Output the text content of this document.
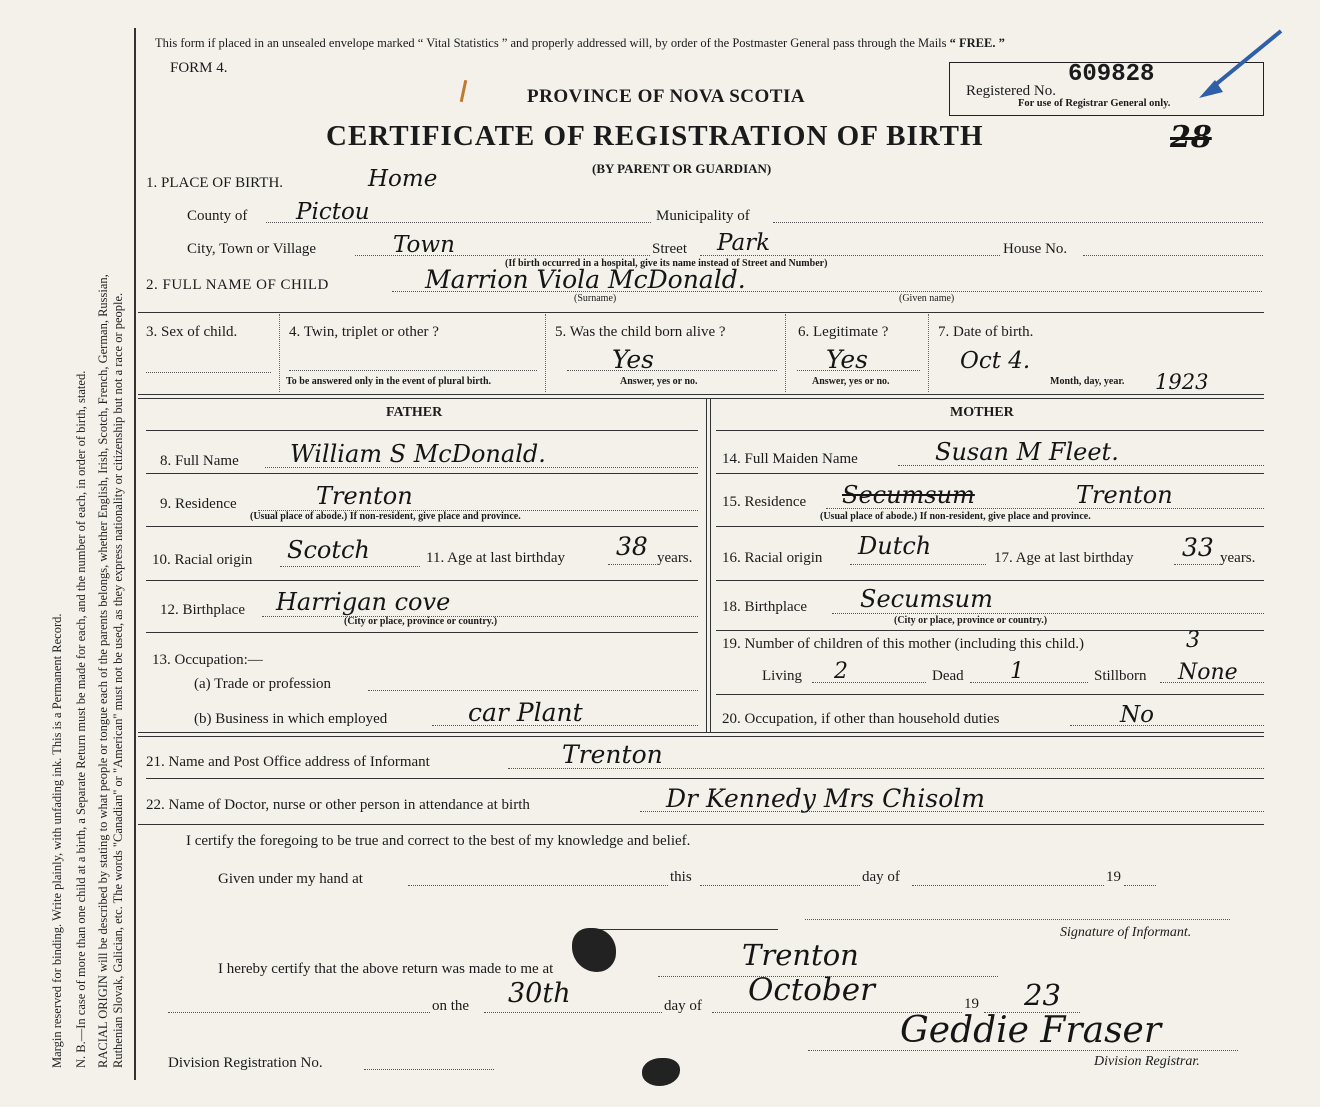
Margin reserved for binding. Write plainly, with unfading ink. This is a Permanent Record. N. B.—In case of more than one child at a birth, a Separate Return must be made for each, and the number of each, in order of birth, stated. RACIAL ORIGIN will be described by stating to what people or tongue each of the parents belongs, whether English, Irish, Scotch, French, German, Russian, Ruthenian Slovak, Galician, etc. The words "Canadian" or "American" must not be used, as they express nationality or citizenship but not a race or people.
This form if placed in an unsealed envelope marked “ Vital Statistics ” and properly addressed will, by order of the Postmaster General pass through the Mails “ FREE. ”
FORM 4.
PROVINCE OF NOVA SCOTIA
CERTIFICATE OF REGISTRATION OF BIRTH
(BY PARENT OR GUARDIAN)
Registered No.
609828
For use of Registrar General only.
28
1. PLACE OF BIRTH.	Home
County of Pictou	Municipality of
City, Town or Village	Town	Street Park	House No.
(If birth occurred in a hospital, give its name instead of Street and Number)
2. FULL NAME OF CHILD	Marrion Viola McDonald.
(Surname)	(Given name)
3. Sex of child.	4. Twin, triplet or other ?
To be answered only in the event of plural birth.
5. Was the child born alive ?
Yes
Answer, yes or no.
6. Legitimate ?
Yes
Answer, yes or no.
7. Date of birth.
Oct 4.
Month, day, year. 1923
FATHER	MOTHER
8. Full Name William S McDonald.
9. Residence	Trenton
(Usual place of abode.) If non-resident, give place and province.
10. Racial origin Scotch	11. Age at last birthday 38 years.
12. Birthplace Harrigan cove
(City or place, province or country.)
13. Occupation:—
(a) Trade or profession
(b) Business in which employed	car Plant
14. Full Maiden Name	Susan M Fleet.
15. Residence Secumsum	Trenton
(Usual place of abode.) If non-resident, give place and province.
16. Racial origin Dutch	17. Age at last birthday 33 years.
18. Birthplace Secumsum
(City or place, province or country.)
19. Number of children of this mother (including this child.)	3
Living 2	Dead 1	Stillborn None
20. Occupation, if other than household duties	No
21. Name and Post Office address of Informant	Trenton
22. Name of Doctor, nurse or other person in attendance at birth	Dr Kennedy Mrs Chisolm
I certify the foregoing to be true and correct to the best of my knowledge and belief.
Given under my hand at	this	day of	19
Signature of Informant.
I hereby certify that the above return was made to me at	Trenton
on the 30th	day of October	19 23
Geddie Fraser
Division Registrar.
Division Registration No.
